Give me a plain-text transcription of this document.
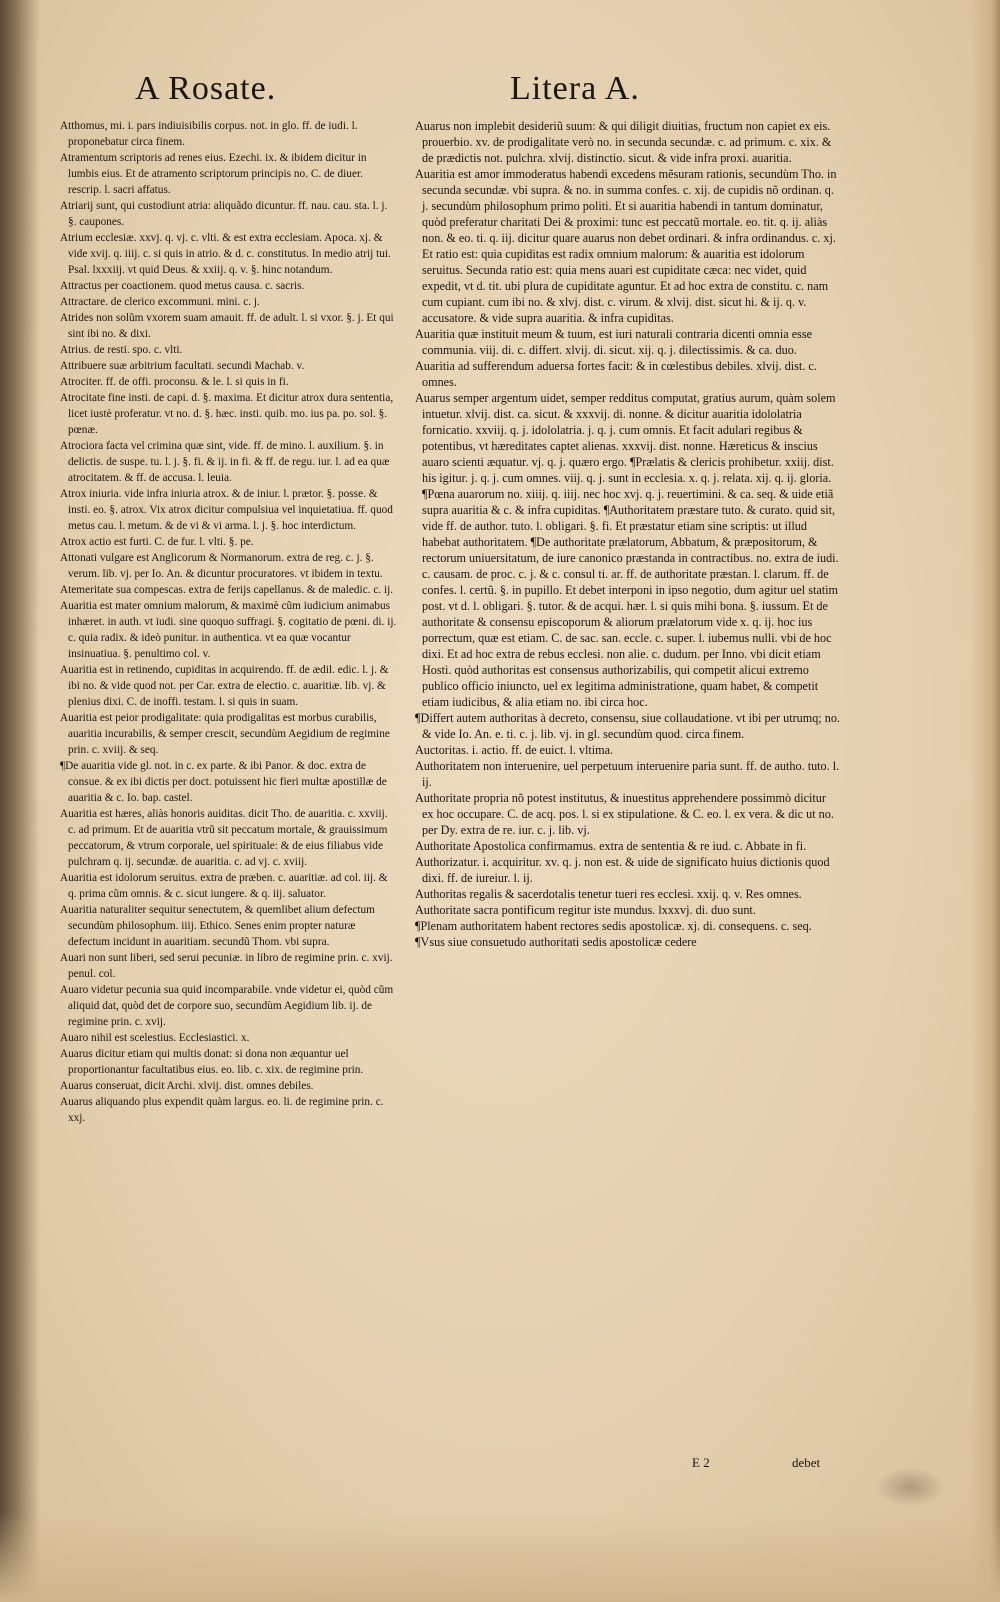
A Rosate.	Litera A.

Atthomus, mi. i. pars indiuisibilis corpus. not. in glo. ff. de iudi. l. proponebatur circa finem.

Atramentum scriptoris ad renes eius. Ezechi. ix. & ibidem dicitur in lumbis eius. Et de atramento scriptorum principis no. C. de diuer. rescrip. l. sacri affatus.

Atriarij sunt, qui custodiunt atria: aliquãdo dicuntur. ff. nau. cau. sta. l. j. §. caupones.

Atrium ecclesiæ. xxvj. q. vj. c. vlti. & est extra ecclesiam. Apoca. xj. & vide xvij. q. iiij. c. si quis in atrio. & d. c. constitutus. In medio atrij tui. Psal. lxxxiij. vt quid Deus. & xxiij. q. v. §. hinc notandum.

Attractus per coactionem. quod metus causa. c. sacris.

Attractare. de clerico excommuni. mini. c. j.

Atrides non solũm vxorem suam amauit. ff. de adult. l. si vxor. §. j. Et qui sint ibi no. & dixi.

Atrius. de resti. spo. c. vlti.

Attribuere suæ arbitrium facultati. secundi Machab. v.

Atrociter. ff. de offi. proconsu. & le. l. si quis in fi.

Atrocitate fine insti. de capi. d. §. maxima. Et dicitur atrox dura sententia, licet iustè proferatur. vt no. d. §. hæc. insti. quib. mo. ius pa. po. sol. §. pœnæ.

Atrociora facta vel crimina quæ sint, vide. ff. de mino. l. auxilium. §. in delictis. de suspe. tu. l. j. §. fi. & ij. in fi. & ff. de regu. iur. l. ad ea quæ atrocitatem. & ff. de accusa. l. leuia.

Atrox iniuria. vide infra iniuria atrox. & de iniur. l. prætor. §. posse. & insti. eo. §. atrox. Vix atrox dicitur compulsiua vel inquietatiua. ff. quod metus cau. l. metum. & de vi & vi arma. l. j. §. hoc interdictum.

Atrox actio est furti. C. de fur. l. vlti. §. pe.

Attonati vulgare est Anglicorum & Normanorum. extra de reg. c. j. §. verum. lib. vj. per Io. An. & dicuntur procuratores. vt ibidem in textu.

Atemeritate sua compescas. extra de ferijs capellanus. & de maledic. c. ij.

Auaritia est mater omnium malorum, & maximè cũm iudicium animabus inhæret. in auth. vt iudi. sine quoquo suffragi. §. cogitatio de pœni. di. ij. c. quia radix. & ideò punitur. in authentica. vt ea quæ vocantur insinuatiua. §. penultimo col. v.

Auaritia est in retinendo, cupiditas in acquirendo. ff. de ædil. edic. l. j. & ibi no. & vide quod not. per Car. extra de electio. c. auaritiæ. lib. vj. & plenius dixi. C. de inoffi. testam. l. si quis in suam.

Auaritia est peior prodigalitate: quia prodigalitas est morbus curabilis, auaritia incurabilis, & semper crescit, secundùm Aegidium de regimine prin. c. xviij. & seq.

¶De auaritia vide gl. not. in c. ex parte. & ibi Panor. & doc. extra de consue. & ex ibi dictis per doct. potuissent hic fieri multæ apostillæ de auaritia & c. Io. bap. castel.

Auaritia est hæres, aliàs honoris auiditas. dicit Tho. de auaritia. c. xxviij. c. ad primum. Et de auaritia vtrũ sit peccatum mortale, & grauissimum peccatorum, & vtrum corporale, uel spirituale: & de eius filiabus vide pulchram q. ij. secundæ. de auaritia. c. ad vj. c. xviij.

Auaritia est idolorum seruitus. extra de præben. c. auaritiæ. ad col. iij. & q. prima cũm omnis. & c. sicut iungere. & q. iij. saluator.

Auaritia naturaliter sequitur senectutem, & quemlibet alium defectum secundùm philosophum. iiij. Ethico. Senes enim propter naturæ defectum incidunt in auaritiam. secundũ Thom. vbi supra.

Auari non sunt liberi, sed serui pecuniæ. in libro de regimine prin. c. xvij. penul. col.

Auaro videtur pecunia sua quid incomparabile. vnde videtur ei, quòd cũm aliquid dat, quòd det de corpore suo, secundùm Aegidium lib. ij. de regimine prin. c. xvij.

Auaro nihil est scelestius. Ecclesiastici. x.

Auarus dicitur etiam qui multis donat: si dona non æquantur uel proportionantur facultatibus eius. eo. lib. c. xix. de regimine prin.

Auarus conseruat, dicit Archi. xlvij. dist. omnes debiles.

Auarus aliquando plus expendit quàm largus. eo. li. de regimine prin. c. xxj.

Auarus non implebit desideriũ suum: & qui diligit diuitias, fructum non capiet ex eis. prouerbio. xv. de prodigalitate verò no. in secunda secundæ. c. ad primum. c. xix. & de prædictis not. pulchra. xlvij. distinctio. sicut. & vide infra proxi. auaritia.

Auaritia est amor immoderatus habendi excedens mẽsuram rationis, secundùm Tho. in secunda secundæ. vbi supra. & no. in summa confes. c. xij. de cupidis nõ ordinan. q. j. secundùm philosophum primo politi. Et si auaritia habendi in tantum dominatur, quòd preferatur charitati Dei & proximi: tunc est peccatũ mortale. eo. tit. q. ij. aliàs non. & eo. ti. q. iij. dicitur quare auarus non debet ordinari. & infra ordinandus. c. xj. Et ratio est: quia cupiditas est radix omnium malorum: & auaritia est idolorum seruitus. Secunda ratio est: quia mens auari est cupiditate cæca: nec videt, quid expedit, vt d. tit. ubi plura de cupiditate aguntur. Et ad hoc extra de constitu. c. nam cum cupiant. cum ibi no. & xlvj. dist. c. virum. & xlvij. dist. sicut hi. & ij. q. v. accusatore. & vide supra auaritia. & infra cupiditas.

Auaritia quæ instituit meum & tuum, est iuri naturali contraria dicenti omnia esse communia. viij. di. c. differt. xlvij. di. sicut. xij. q. j. dilectissimis. & ca. duo.

Auaritia ad sufferendum aduersa fortes facit: & in cœlestibus debiles. xlvij. dist. c. omnes.

Auarus semper argentum uidet, semper redditus computat, gratius aurum, quàm solem intuetur. xlvij. dist. ca. sicut. & xxxvij. di. nonne. & dicitur auaritia idololatria fornicatio. xxviij. q. j. idololatria. j. q. j. cum omnis. Et facit adulari regibus & potentibus, vt hæreditates captet alienas. xxxvij. dist. nonne. Hæreticus & inscius auaro scienti æquatur. vj. q. j. quæro ergo. ¶Prælatis & clericis prohibetur. xxiij. dist. his igitur. j. q. j. cum omnes. viij. q. j. sunt in ecclesia. x. q. j. relata. xij. q. ij. gloria. ¶Pœna auarorum no. xiiij. q. iiij. nec hoc xvj. q. j. reuertimini. & ca. seq. & uide etiã supra auaritia & c. & infra cupiditas. ¶Authoritatem præstare tuto. & curato. quid sit, vide ff. de author. tuto. l. obligari. §. fi. Et præstatur etiam sine scriptis: ut illud habebat authoritatem. ¶De authoritate prælatorum, Abbatum, & præpositorum, & rectorum uniuersitatum, de iure canonico præstanda in contractibus. no. extra de iudi. c. causam. de proc. c. j. & c. consul ti. ar. ff. de authoritate præstan. l. clarum. ff. de confes. l. certũ. §. in pupillo. Et debet interponi in ipso negotio, dum agitur uel statim post. vt d. l. obligari. §. tutor. & de acqui. hær. l. si quis mihi bona. §. iussum. Et de authoritate & consensu episcoporum & aliorum prælatorum vide x. q. ij. hoc ius porrectum, quæ est etiam. C. de sac. san. eccle. c. super. l. iubemus nulli. vbi de hoc dixi. Et ad hoc extra de rebus ecclesi. non alie. c. dudum. per Inno. vbi dicit etiam Hosti. quòd authoritas est consensus authorizabilis, qui competit alicui extremo publico officio iniuncto, uel ex legitima administratione, quam habet, & competit etiam iudicibus, & alia etiam no. ibi circa hoc.

¶Differt autem authoritas à decreto, consensu, siue collaudatione. vt ibi per utrumq; no. & vide Io. An. e. ti. c. j. lib. vj. in gl. secundùm quod. circa finem.

Auctoritas. i. actio. ff. de euict. l. vltima.

Authoritatem non interuenire, uel perpetuum interuenire paria sunt. ff. de autho. tuto. l. ij.

Authoritate propria nõ potest institutus, & inuestitus apprehendere possimmò dicitur ex hoc occupare. C. de acq. pos. l. si ex stipulatione. & C. eo. l. ex vera. & dic ut no. per Dy. extra de re. iur. c. j. lib. vj.

Authoritate Apostolica confirmamus. extra de sententia & re iud. c. Abbate in fi.

Authorizatur. i. acquiritur. xv. q. j. non est. & uide de significato huius dictionis quod dixi. ff. de iureiur. l. ij.

Authoritas regalis & sacerdotalis tenetur tueri res ecclesi. xxij. q. v. Res omnes.

Authoritate sacra pontificum regitur iste mundus. lxxxvj. di. duo sunt.

¶Plenam authoritatem habent rectores sedis apostolicæ. xj. di. consequens. c. seq.

¶Vsus siue consuetudo authoritati sedis apostolicæ cedere

E 2	debet
